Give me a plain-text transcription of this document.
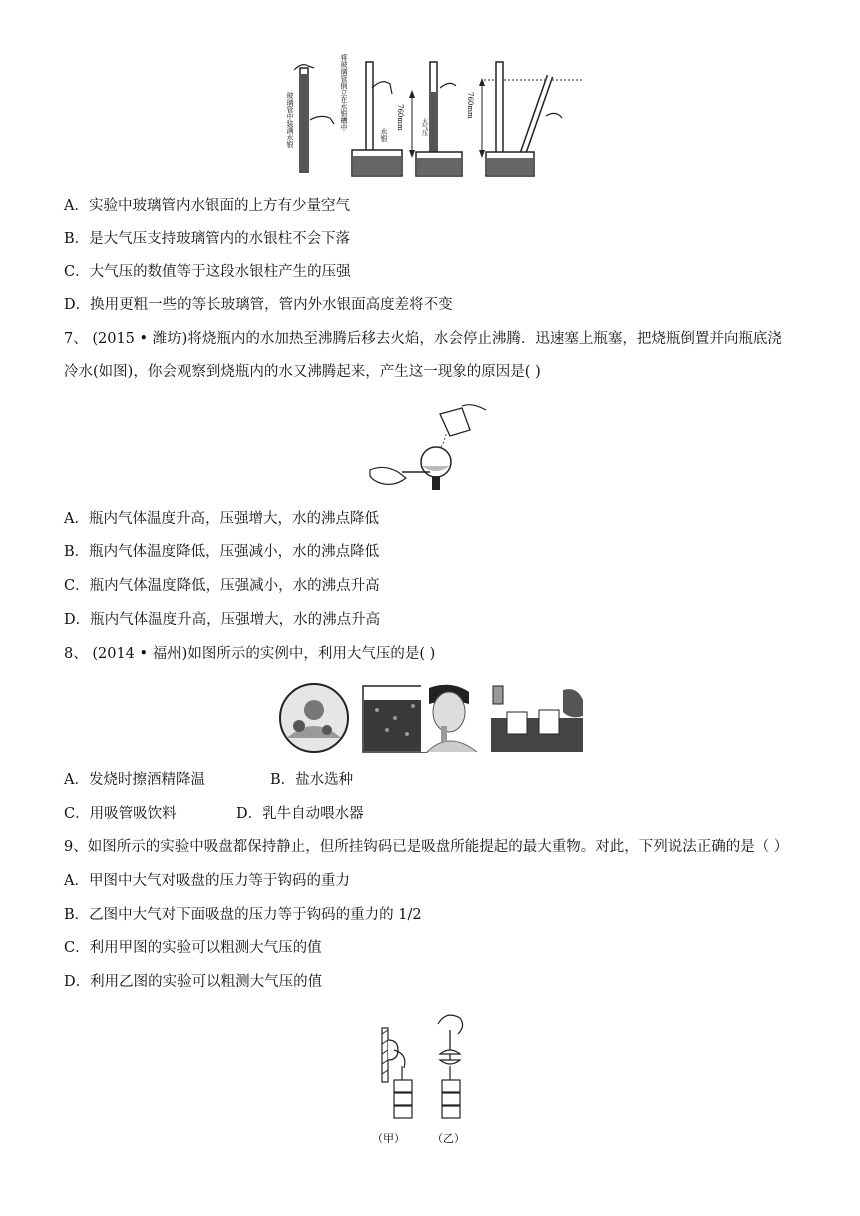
玻璃管中装满水银	将玻璃管倒立在水银槽中
水银
760mm	大气压
760mm
A．实验中玻璃管内水银面的上方有少量空气
B．是大气压支持玻璃管内的水银柱不会下落
C．大气压的数值等于这段水银柱产生的压强
D．换用更粗一些的等长玻璃管，管内外水银面高度差将不变
7、 (2015 • 潍坊)将烧瓶内的水加热至沸腾后移去火焰，水会停止沸腾．迅速塞上瓶塞，把烧瓶倒置并向瓶底浇
冷水(如图)，你会观察到烧瓶内的水又沸腾起来，产生这一现象的原因是( )
A．瓶内气体温度升高，压强增大，水的沸点降低
B．瓶内气体温度降低，压强减小，水的沸点降低
C．瓶内气体温度降低，压强减小，水的沸点升高
D．瓶内气体温度升高，压强增大，水的沸点升高
8、 (2014 • 福州)如图所示的实例中，利用大气压的是( )
A．发烧时擦酒精降温	B．盐水选种
C．用吸管吸饮料	D．乳牛自动喂水器
9、如图所示的实验中吸盘都保持静止，但所挂钩码已是吸盘所能提起的最大重物。对此，下列说法正确的是（ ）
A．甲图中大气对吸盘的压力等于钩码的重力
B．乙图中大气对下面吸盘的压力等于钩码的重力的 1/2
C．利用甲图的实验可以粗测大气压的值
D．利用乙图的实验可以粗测大气压的值
（甲） （乙）
